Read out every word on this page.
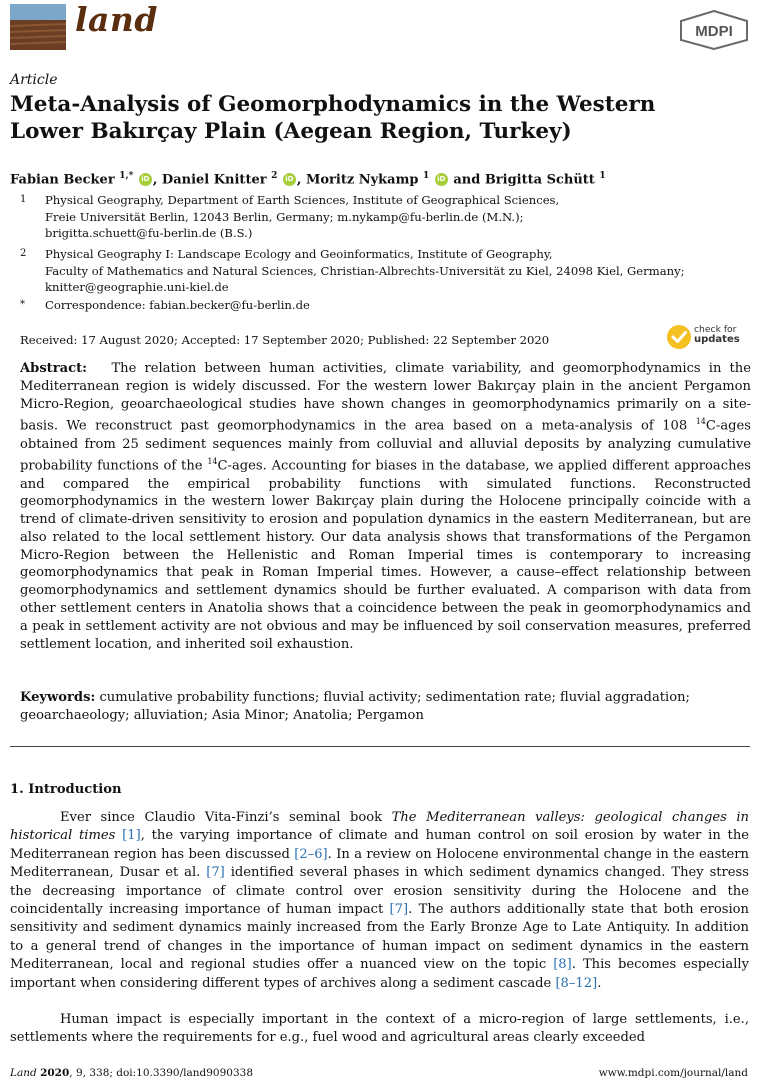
land	MDPI
Article
Meta-Analysis of Geomorphodynamics in the Western
Lower Bakırçay Plain (Aegean Region, Turkey)
Fabian Becker $^{1,*}$ iD , Daniel Knitter $^2$ iD , Moritz Nykamp $^1$ iD and Brigitta Schütt $^1$
1 Physical Geography, Department of Earth Sciences, Institute of Geographical Sciences,
Freie Universität Berlin, 12043 Berlin, Germany; m.nykamp@fu-berlin.de (M.N.);
brigitta.schuett@fu-berlin.de (B.S.)
2 Physical Geography I: Landscape Ecology and Geoinformatics, Institute of Geography,
Faculty of Mathematics and Natural Sciences, Christian-Albrechts-Universität zu Kiel, 24098 Kiel, Germany;
knitter@geographie.uni-kiel.de
* Correspondence: fabian.becker@fu-berlin.de
Received: 17 August 2020; Accepted: 17 September 2020; Published: 22 September 2020
check for
updates
Abstract: The relation between human activities, climate variability, and geomorphodynamics in the Mediterranean region is widely discussed. For the western lower Bakırçay plain in the ancient Pergamon Micro-Region, geoarchaeological studies have shown changes in geomorphodynamics primarily on a site-basis. We reconstruct past geomorphodynamics in the area based on a meta-analysis of 108 $^{14}$C-ages obtained from 25 sediment sequences mainly from colluvial and alluvial deposits by analyzing cumulative probability functions of the $^{14}$C-ages. Accounting for biases in the database, we applied different approaches and compared the empirical probability functions with simulated functions. Reconstructed geomorphodynamics in the western lower Bakırçay plain during the Holocene principally coincide with a trend of climate-driven sensitivity to erosion and population dynamics in the eastern Mediterranean, but are also related to the local settlement history. Our data analysis shows that transformations of the Pergamon Micro-Region between the Hellenistic and Roman Imperial times is contemporary to increasing geomorphodynamics that peak in Roman Imperial times. However, a cause–effect relationship between geomorphodynamics and settlement dynamics should be further evaluated. A comparison with data from other settlement centers in Anatolia shows that a coincidence between the peak in geomorphodynamics and a peak in settlement activity are not obvious and may be influenced by soil conservation measures, preferred settlement location, and inherited soil exhaustion.
Keywords: cumulative probability functions; fluvial activity; sedimentation rate; fluvial aggradation; geoarchaeology; alluviation; Asia Minor; Anatolia; Pergamon
1. Introduction
Ever since Claudio Vita-Finzi’s seminal book The Mediterranean valleys: geological changes in historical times [1], the varying importance of climate and human control on soil erosion by water in the Mediterranean region has been discussed [2–6]. In a review on Holocene environmental change in the eastern Mediterranean, Dusar et al. [7] identified several phases in which sediment dynamics changed. They stress the decreasing importance of climate control over erosion sensitivity during the Holocene and the coincidentally increasing importance of human impact [7]. The authors additionally state that both erosion sensitivity and sediment dynamics mainly increased from the Early Bronze Age to Late Antiquity. In addition to a general trend of changes in the importance of human impact on sediment dynamics in the eastern Mediterranean, local and regional studies offer a nuanced view on the topic [8]. This becomes especially important when considering different types of archives along a sediment cascade [8–12].
Human impact is especially important in the context of a micro-region of large settlements, i.e., settlements where the requirements for e.g., fuel wood and agricultural areas clearly exceeded
Land 2020, 9, 338; doi:10.3390/land9090338	www.mdpi.com/journal/land
